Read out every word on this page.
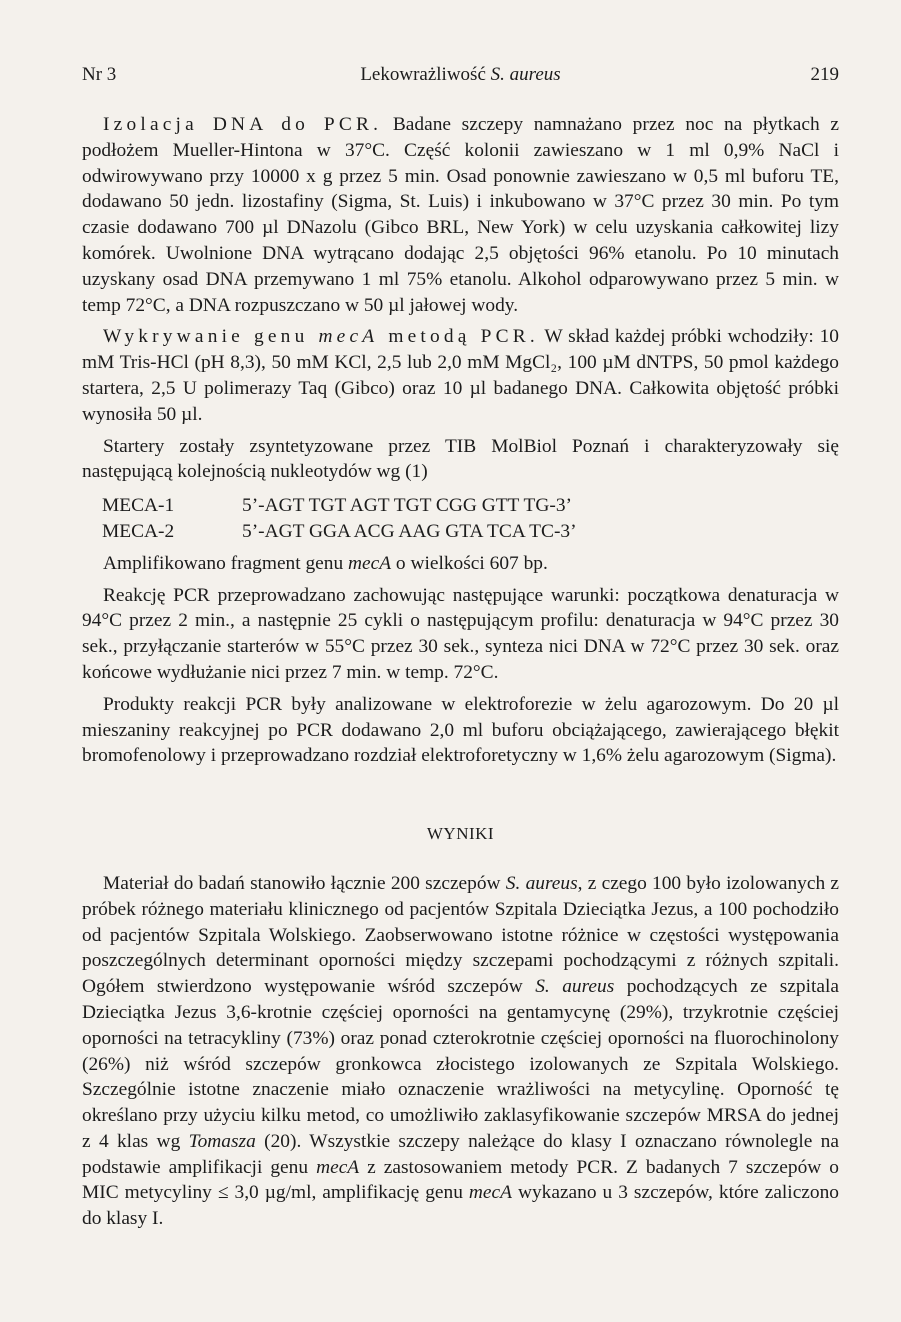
Nr 3	Lekowrażliwość S. aureus	219

Izolacja DNA do PCR. Badane szczepy namnażano przez noc na płytkach z podłożem Mueller-Hintona w 37°C. Część kolonii zawieszano w 1 ml 0,9% NaCl i odwirowywano przy 10000 x g przez 5 min. Osad ponownie zawieszano w 0,5 ml buforu TE, dodawano 50 jedn. lizostafiny (Sigma, St. Luis) i inkubowano w 37°C przez 30 min. Po tym czasie dodawano 700 µl DNazolu (Gibco BRL, New York) w celu uzyskania całkowitej lizy komórek. Uwolnione DNA wytrącano dodając 2,5 objętości 96% etanolu. Po 10 minutach uzyskany osad DNA przemywano 1 ml 75% etanolu. Alkohol odparowywano przez 5 min. w temp 72°C, a DNA rozpuszczano w 50 µl jałowej wody.

Wykrywanie genu mecA metodą PCR. W skład każdej próbki wchodziły: 10 mM Tris-HCl (pH 8,3), 50 mM KCl, 2,5 lub 2,0 mM MgCl₂, 100 µM dNTPS, 50 pmol każdego startera, 2,5 U polimerazy Taq (Gibco) oraz 10 µl badanego DNA. Całkowita objętość próbki wynosiła 50 µl.

Startery zostały zsyntetyzowane przez TIB MolBiol Poznań i charakteryzowały się następującą kolejnością nukleotydów wg (1)

MECA-1	5’-AGT TGT AGT TGT CGG GTT TG-3’
MECA-2	5’-AGT GGA ACG AAG GTA TCA TC-3’

Amplifikowano fragment genu mecA o wielkości 607 bp.

Reakcję PCR przeprowadzano zachowując następujące warunki: początkowa denaturacja w 94°C przez 2 min., a następnie 25 cykli o następującym profilu: denaturacja w 94°C przez 30 sek., przyłączanie starterów w 55°C przez 30 sek., synteza nici DNA w 72°C przez 30 sek. oraz końcowe wydłużanie nici przez 7 min. w temp. 72°C.

Produkty reakcji PCR były analizowane w elektroforezie w żelu agarozowym. Do 20 µl mieszaniny reakcyjnej po PCR dodawano 2,0 ml buforu obciążającego, zawierającego błękit bromofenolowy i przeprowadzano rozdział elektroforetyczny w 1,6% żelu agarozowym (Sigma).

WYNIKI

Materiał do badań stanowiło łącznie 200 szczepów S. aureus, z czego 100 było izolowanych z próbek różnego materiału klinicznego od pacjentów Szpitala Dzieciątka Jezus, a 100 pochodziło od pacjentów Szpitala Wolskiego. Zaobserwowano istotne różnice w częstości występowania poszczególnych determinant oporności między szczepami pochodzącymi z różnych szpitali. Ogółem stwierdzono występowanie wśród szczepów S. aureus pochodzących ze szpitala Dzieciątka Jezus 3,6-krotnie częściej oporności na gentamycynę (29%), trzykrotnie częściej oporności na tetracykliny (73%) oraz ponad czterokrotnie częściej oporności na fluorochinolony (26%) niż wśród szczepów gronkowca złocistego izolowanych ze Szpitala Wolskiego. Szczególnie istotne znaczenie miało oznaczenie wrażliwości na metycylinę. Oporność tę określano przy użyciu kilku metod, co umożliwiło zaklasyfikowanie szczepów MRSA do jednej z 4 klas wg Tomasza (20). Wszystkie szczepy należące do klasy I oznaczano równolegle na podstawie amplifikacji genu mecA z zastosowaniem metody PCR. Z badanych 7 szczepów o MIC metycyliny ≤ 3,0 µg/ml, amplifikację genu mecA wykazano u 3 szczepów, które zaliczono do klasy I.
